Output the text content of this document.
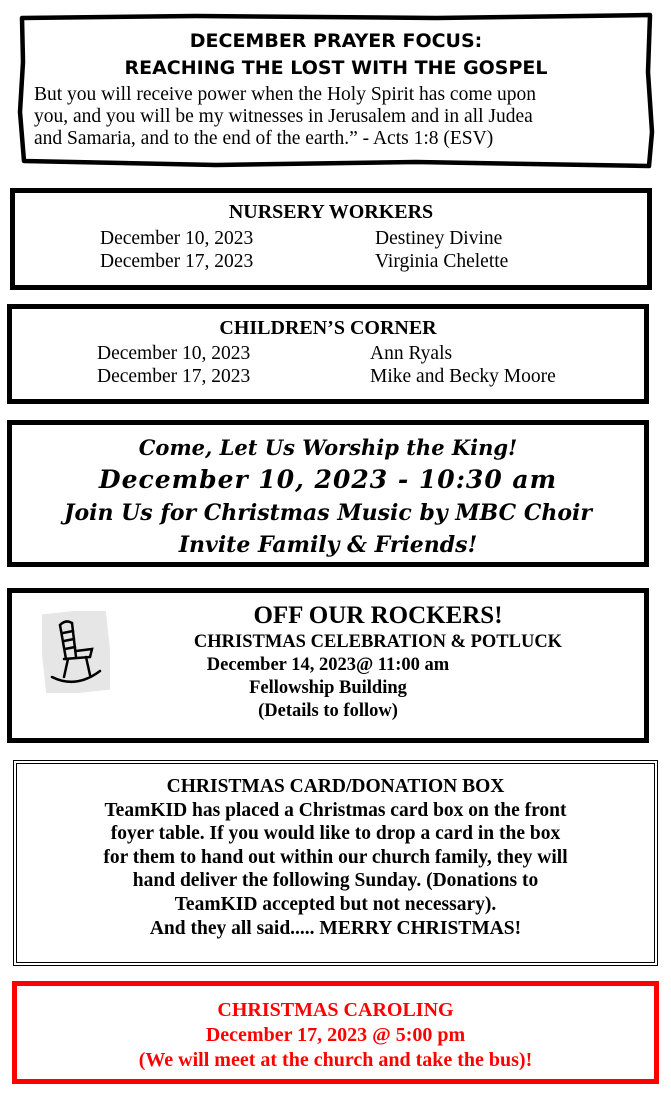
DECEMBER PRAYER FOCUS:
REACHING THE LOST WITH THE GOSPEL
But you will receive power when the Holy Spirit has come upon
you, and you will be my witnesses in Jerusalem and in all Judea
and Samaria, and to the end of the earth.” - Acts 1:8 (ESV)
NURSERY WORKERS
December 10, 2023
December 17, 2023
Destiney Divine
Virginia Chelette
CHILDREN’S CORNER
December 10, 2023
December 17, 2023
Ann Ryals
Mike and Becky Moore
Come, Let Us Worship the King!
December 10, 2023 - 10:30 am
Join Us for Christmas Music by MBC Choir
Invite Family & Friends!
OFF OUR ROCKERS!
CHRISTMAS CELEBRATION & POTLUCK
December 14, 2023@ 11:00 am
Fellowship Building
(Details to follow)
CHRISTMAS CARD/DONATION BOX
TeamKID has placed a Christmas card box on the front
foyer table. If you would like to drop a card in the box
for them to hand out within our church family, they will
hand deliver the following Sunday. (Donations to
TeamKID accepted but not necessary).
And they all said..... MERRY CHRISTMAS!
CHRISTMAS CAROLING
December 17, 2023 @ 5:00 pm
(We will meet at the church and take the bus)!
